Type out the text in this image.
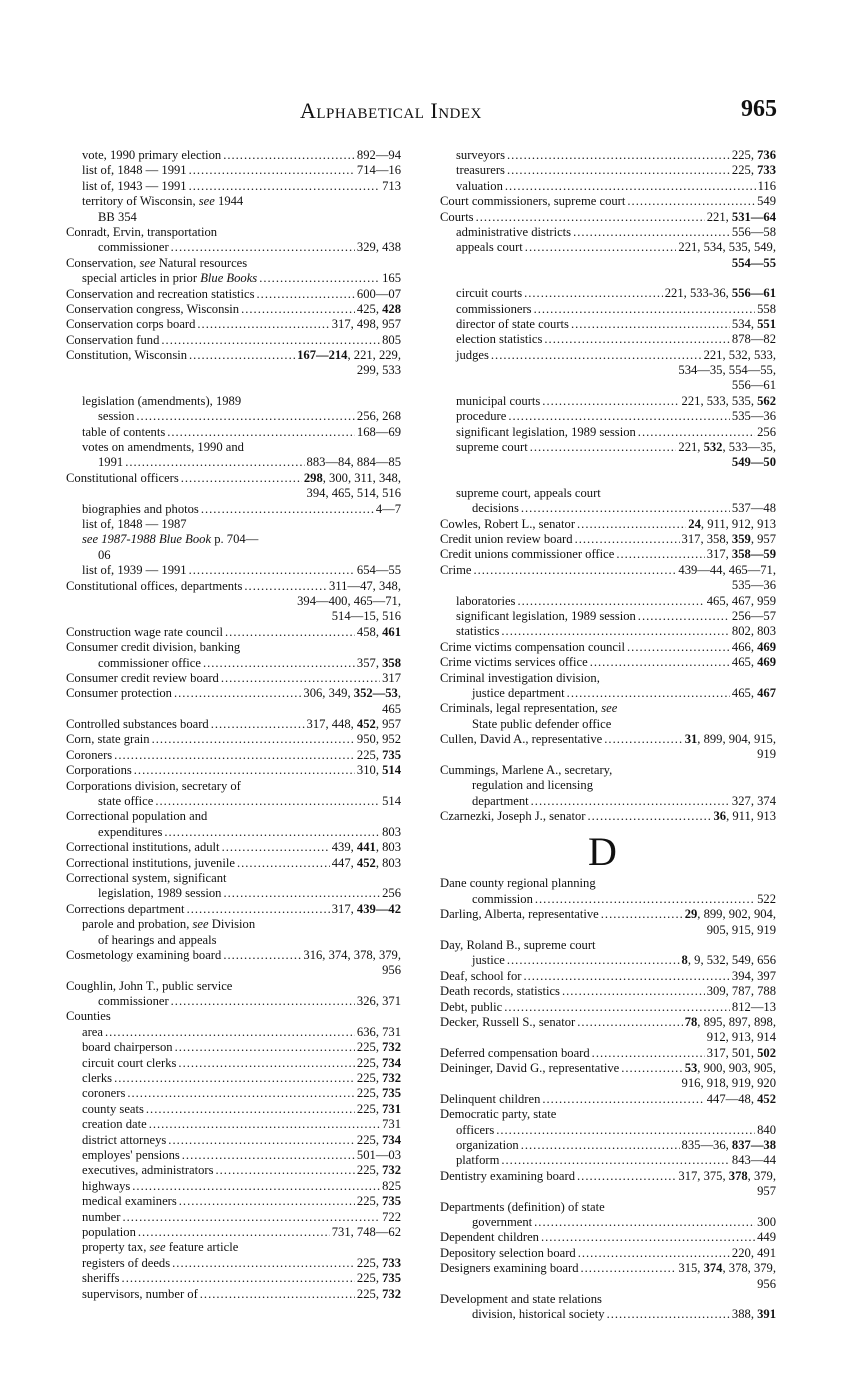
Alphabetical Index	965
vote, 1990 primary election .....	892—94
list of, 1848 — 1991 .....	714—16
list of, 1943 — 1991 .....	713
territory of Wisconsin, see 1944
BB 354
Conradt, Ervin, transportation
commissioner .....	329, 438
Conservation, see Natural resources
special articles in prior Blue Books .....	165
Conservation and recreation statistics .....	600—07
Conservation congress, Wisconsin .....	425, 428
Conservation corps board .....	317, 498, 957
Conservation fund .....	805
Constitution, Wisconsin .....	167—214, 221, 229,
299, 533
legislation (amendments), 1989
session .....	256, 268
table of contents .....	168—69
votes on amendments, 1990 and
1991 .....	883—84, 884—85
Constitutional officers .....	298, 300, 311, 348,
394, 465, 514, 516
biographies and photos .....	4—7
list of, 1848 — 1987
see 1987-1988 Blue Book p. 704—
06
list of, 1939 — 1991 .....	654—55
Constitutional offices, departments .....	311—47, 348,
394—400, 465—71,
514—15, 516
Construction wage rate council .....	458, 461
Consumer credit division, banking
commissioner office .....	357, 358
Consumer credit review board .....	317
Consumer protection .....	306, 349, 352—53,
465
Controlled substances board .....	317, 448, 452, 957
Corn, state grain .....	950, 952
Coroners .....	225, 735
Corporations .....	310, 514
Corporations division, secretary of
state office .....	514
Correctional population and
expenditures .....	803
Correctional institutions, adult .....	439, 441, 803
Correctional institutions, juvenile .....	447, 452, 803
Correctional system, significant
legislation, 1989 session .....	256
Corrections department .....	317, 439—42
parole and probation, see Division
of hearings and appeals
Cosmetology examining board .....	316, 374, 378, 379,
956
Coughlin, John T., public service
commissioner .....	326, 371
Counties
area .....	636, 731
board chairperson .....	225, 732
circuit court clerks .....	225, 734
clerks .....	225, 732
coroners .....	225, 735
county seats .....	225, 731
creation date .....	731
district attorneys .....	225, 734
employes' pensions .....	501—03
executives, administrators .....	225, 732
highways .....	825
medical examiners .....	225, 735
number .....	722
population .....	731, 748—62
property tax, see feature article
registers of deeds .....	225, 733
sheriffs .....	225, 735
supervisors, number of .....	225, 732
surveyors .....	225, 736
treasurers .....	225, 733
valuation .....	116
Court commissioners, supreme court .....	549
Courts .....	221, 531—64
administrative districts .....	556—58
appeals court .....	221, 534, 535, 549,
554—55
circuit courts .....	221, 533-36, 556—61
commissioners .....	558
director of state courts .....	534, 551
election statistics .....	878—82
judges .....	221, 532, 533,
534—35, 554—55,
556—61
municipal courts .....	221, 533, 535, 562
procedure .....	535—36
significant legislation, 1989 session .....	256
supreme court .....	221, 532, 533—35,
549—50
supreme court, appeals court
decisions .....	537—48
Cowles, Robert L., senator .....	24, 911, 912, 913
Credit union review board .....	317, 358, 359, 957
Credit unions commissioner office .....	317, 358—59
Crime .....	439—44, 465—71,
535—36
laboratories .....	465, 467, 959
significant legislation, 1989 session .....	256—57
statistics .....	802, 803
Crime victims compensation council .....	466, 469
Crime victims services office .....	465, 469
Criminal investigation division,
justice department .....	465, 467
Criminals, legal representation, see
State public defender office
Cullen, David A., representative .....	31, 899, 904, 915,
919
Cummings, Marlene A., secretary,
regulation and licensing
department .....	327, 374
Czarnezki, Joseph J., senator .....	36, 911, 913
D
Dane county regional planning
commission .....	522
Darling, Alberta, representative .....	29, 899, 902, 904,
905, 915, 919
Day, Roland B., supreme court
justice .....	8, 9, 532, 549, 656
Deaf, school for .....	394, 397
Death records, statistics .....	309, 787, 788
Debt, public .....	812—13
Decker, Russell S., senator .....	78, 895, 897, 898,
912, 913, 914
Deferred compensation board .....	317, 501, 502
Deininger, David G., representative .....	53, 900, 903, 905,
916, 918, 919, 920
Delinquent children .....	447—48, 452
Democratic party, state
officers .....	840
organization .....	835—36, 837—38
platform .....	843—44
Dentistry examining board .....	317, 375, 378, 379,
957
Departments (definition) of state
government .....	300
Dependent children .....	449
Depository selection board .....	220, 491
Designers examining board .....	315, 374, 378, 379,
956
Development and state relations
division, historical society .....	388, 391
